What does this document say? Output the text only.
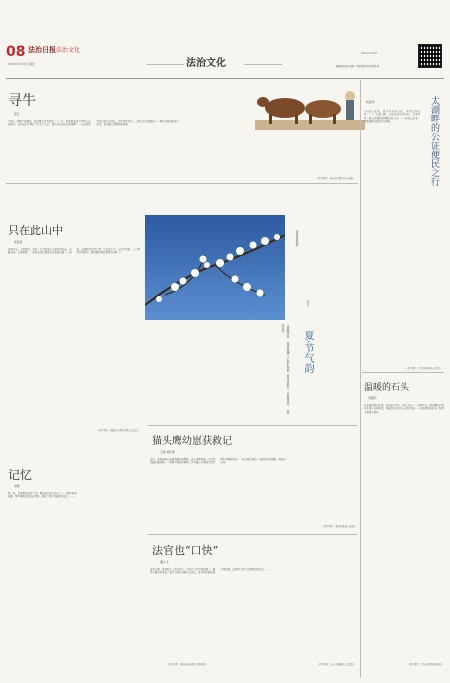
08 法治日报 法治文化
2025年7月29日 星期二	法治文化
LEGAL DAILY
编辑/张红梅 编务 美编/高语 校对/张胜利
寻牛
张红
“明天一早要下地翻田，看这雨水也不够用。”……牛，到老就变成了村里公家的耕牛，在乡亲们手里转了好几户人家，最后住在我家的牛棚里……父亲说找牛就是找自己的心，找不到牛的人，心里总是空落落的……那头牛最终被寻了回来，在田埂上慢慢地吃着草。
（作者单位：河南省平顶山市公安局）
只在此山中
黄曼茜
离春节前，山风微凉，我们一行去看望大山深处的乡亲。山路弯弯，云雾缭绕，一位老法官扛着卷宗走在最前面……他说，法律就在百姓心里，只在此山中，云深不知处。大山里的矛盾纠纷，要用最朴素的道理去化解……
（作者单位：福建省宁德市中级人民法院）
某某某某/绘图
夏·节气韵
李志
立夏蛙声起，小满麦穗黄；芒种忙收种，夏至日最长；小暑温风至，大暑雨水旺。
记忆
何峰
那一年，我刚到司法所工作，跟着老所长走村入户……那些年的档案、那些调解过的家长里短，都成了我心里最深的记忆。……
（作者单位：湖南省安乡县人民检察院）
猫头鹰幼崽获救记
王娟 刘佳明
近日，某县森林公安接到群众报警称，在山林间发现一只受伤的猫头鹰幼崽……民警立即赶往现场，将幼崽小心带回并联系野生动物救护站……经过精心救治，幼崽已恢复健康，被放归山林。
（作者单位：浙江省某县公安局）
法官也“口快”
潘小飞
法官审案，讲究的是三思而后行，可也有“口快”的时候……面对当事人的诉求，能马上回应的就马上回应，能当场化解的就当场化解，这样的“口快”是对群众的负责。……
（作者单位：北京市通州区人民法院）
杨淑菲	太湖畔的公证便民之行
“小张公证员，我今天来办公证，办得又快又好！”……太湖之畔，公证员们走进乡村、走进社区，把公证服务送到群众家门口……一份份公证书，承载着群众的信任与期待。
（作者单位：江苏省无锡市公证处）
温暖的石头
刘朝阳
在我童年的记忆里，老家院子里有一块大石头……每到冬天，阳光晒过后的石头摸上去暖暖的，祖母常坐在石头上做针线活……这块温暖的石头，陪伴了我整个童年。
（作者单位：辽宁省盘锦市检察院）
